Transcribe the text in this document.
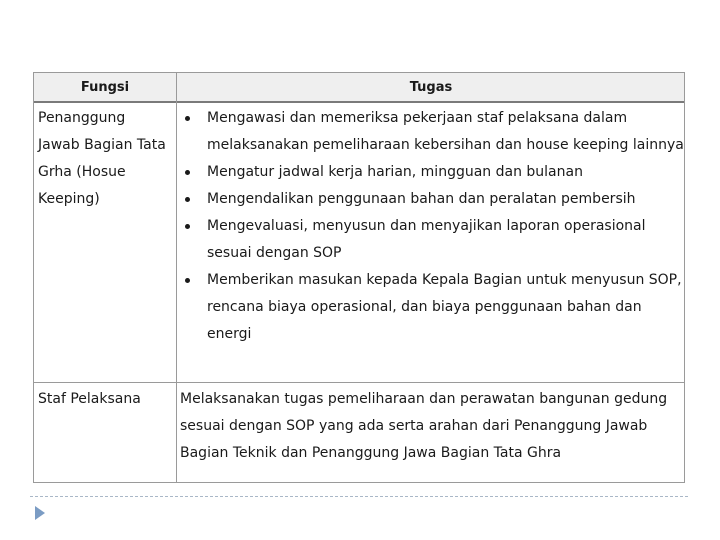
Fungsi	Tugas
Penanggung
Jawab Bagian Tata
Grha (Hosue
Keeping)
Mengawasi dan memeriksa pekerjaan staf pelaksana dalam melaksanakan pemeliharaan kebersihan dan house keeping lainnya
Mengatur jadwal kerja harian, mingguan dan bulanan
Mengendalikan penggunaan bahan dan peralatan pembersih
Mengevaluasi, menyusun dan menyajikan laporan operasional sesuai dengan SOP
Memberikan masukan kepada Kepala Bagian untuk menyusun SOP, rencana biaya operasional, dan biaya penggunaan bahan dan energi
Staf Pelaksana	Melaksanakan tugas pemeliharaan dan perawatan bangunan gedung sesuai dengan SOP yang ada serta arahan dari Penanggung Jawab Bagian Teknik dan Penanggung Jawa Bagian Tata Ghra
